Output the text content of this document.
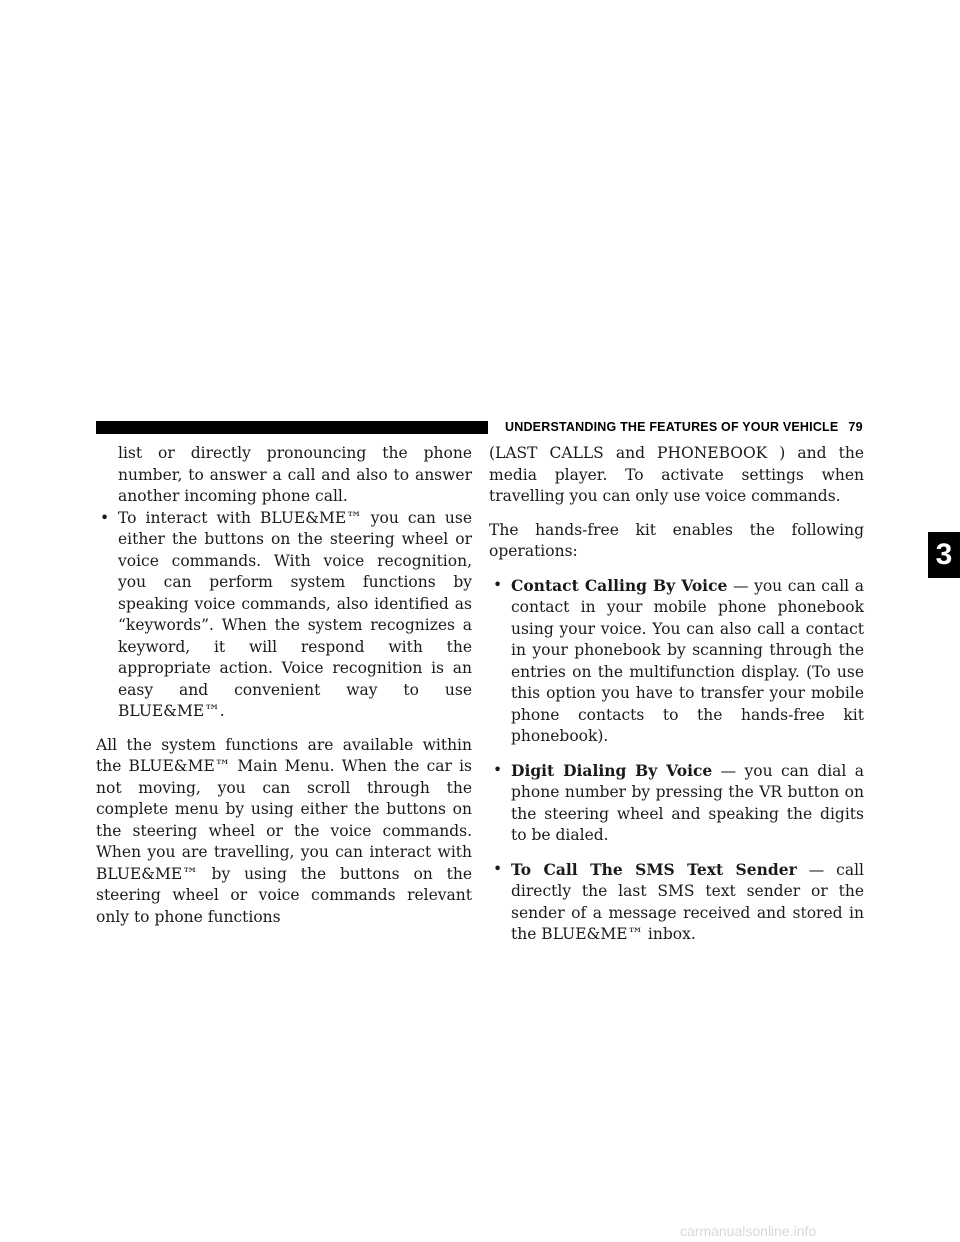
UNDERSTANDING THE FEATURES OF YOUR VEHICLE 79
3

list or directly pronouncing the phone number, to answer a call and also to answer another incoming phone call.

• To interact with BLUE&ME™ you can use either the buttons on the steering wheel or voice commands. With voice recognition, you can perform system functions by speaking voice commands, also identified as “keywords”. When the system recognizes a keyword, it will respond with the appropriate action. Voice recognition is an easy and convenient way to use BLUE&ME™.

All the system functions are available within the BLUE&ME™ Main Menu. When the car is not moving, you can scroll through the complete menu by using either the buttons on the steering wheel or the voice commands. When you are travelling, you can interact with BLUE&ME™ by using the buttons on the steering wheel or voice commands relevant only to phone functions

(LAST CALLS and PHONEBOOK ) and the media player. To activate settings when travelling you can only use voice commands.

The hands-free kit enables the following operations:

• Contact Calling By Voice — you can call a contact in your mobile phone phonebook using your voice. You can also call a contact in your phonebook by scanning through the entries on the multifunction display. (To use this option you have to transfer your mobile phone contacts to the hands-free kit phonebook).
• Digit Dialing By Voice — you can dial a phone number by pressing the VR button on the steering wheel and speaking the digits to be dialed.
• To Call The SMS Text Sender — call directly the last SMS text sender or the sender of a message received and stored in the BLUE&ME™ inbox.
carmanualsonline.info
